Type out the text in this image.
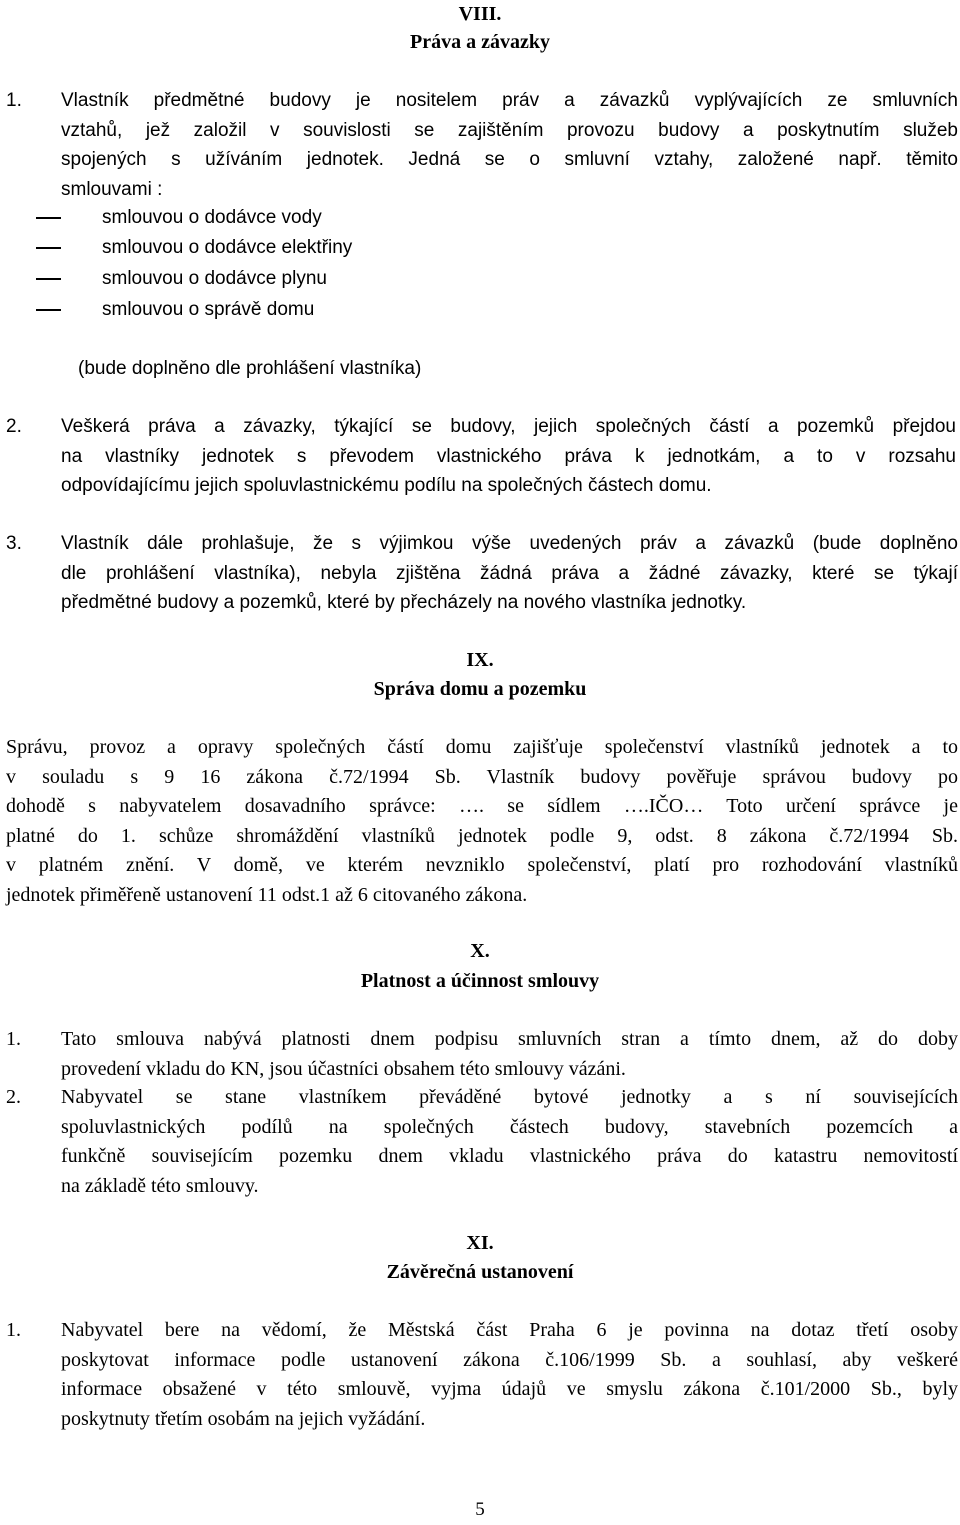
VIII.
Práva a závazky
1. Vlastník předmětné budovy je nositelem práv a závazků vyplývajících ze smluvních
vztahů, jež založil v souvislosti se zajištěním provozu budovy a poskytnutím služeb
spojených s užíváním jednotek. Jedná se o smluvní vztahy, založené např. těmito
smlouvami :
smlouvou o dodávce vody
smlouvou o dodávce elektřiny
smlouvou o dodávce plynu
smlouvou o správě domu
(bude doplněno dle prohlášení vlastníka)
2. Veškerá práva a závazky, týkající se budovy, jejich společných částí a pozemků přejdou
na vlastníky jednotek s převodem vlastnického práva k jednotkám, a to v rozsahu
odpovídajícímu jejich spoluvlastnickému podílu na společných částech domu.
3. Vlastník dále prohlašuje, že s výjimkou výše uvedených práv a závazků (bude doplněno
dle prohlášení vlastníka), nebyla zjištěna žádná práva a žádné závazky, které se týkají
předmětné budovy a pozemků, které by přecházely na nového vlastníka jednotky.
IX.
Správa domu a pozemku
Správu, provoz a opravy společných částí domu zajišťuje společenství vlastníků jednotek a to
v souladu s 9 16 zákona č.72/1994 Sb. Vlastník budovy pověřuje správou budovy po
dohodě s nabyvatelem dosavadního správce: …. se sídlem ….IČO… Toto určení správce je
platné do 1. schůze shromáždění vlastníků jednotek podle 9, odst. 8 zákona č.72/1994 Sb.
v platném znění. V domě, ve kterém nevzniklo společenství, platí pro rozhodování vlastníků
jednotek přiměřeně ustanovení 11 odst.1 až 6 citovaného zákona.
X.
Platnost a účinnost smlouvy
1. Tato smlouva nabývá platnosti dnem podpisu smluvních stran a tímto dnem, až do doby
provedení vkladu do KN, jsou účastníci obsahem této smlouvy vázáni.
2. Nabyvatel se stane vlastníkem převáděné bytové jednotky a s ní souvisejících
spoluvlastnických podílů na společných částech budovy, stavebních pozemcích a
funkčně souvisejícím pozemku dnem vkladu vlastnického práva do katastru nemovitostí
na základě této smlouvy.
XI.
Závěrečná ustanovení
1. Nabyvatel bere na vědomí, že Městská část Praha 6 je povinna na dotaz třetí osoby
poskytovat informace podle ustanovení zákona č.106/1999 Sb. a souhlasí, aby veškeré
informace obsažené v této smlouvě, vyjma údajů ve smyslu zákona č.101/2000 Sb., byly
poskytnuty třetím osobám na jejich vyžádání.
5
